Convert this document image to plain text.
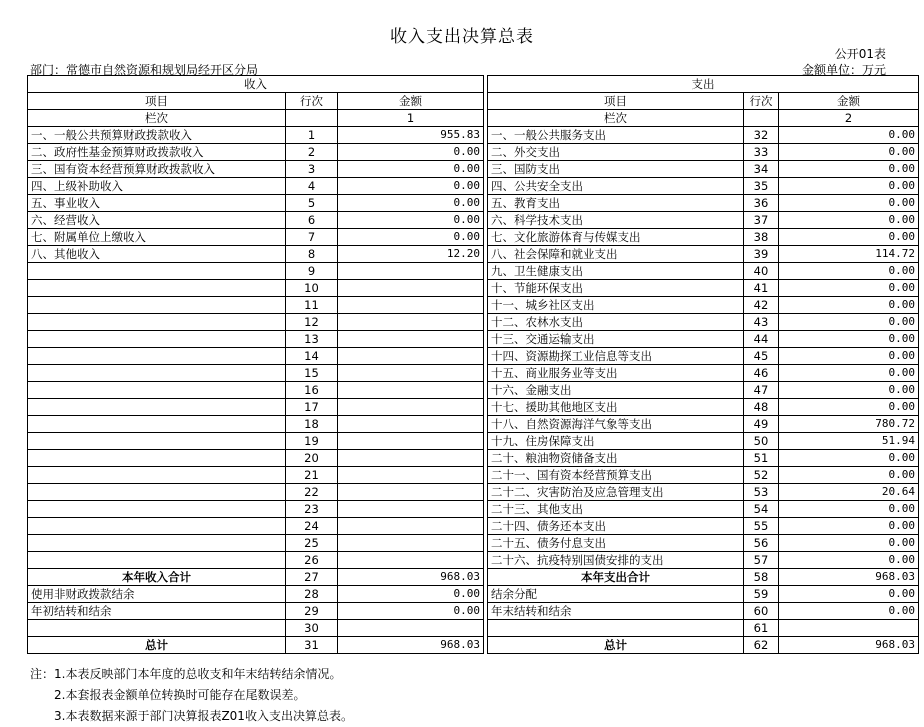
收入支出决算总表
公开01表
部门：常德市自然资源和规划局经开区分局	金额单位：万元
收入				支出		
项目	行次	金额		项目	行次	金额
栏次		1		栏次		2
一、一般公共预算财政拨款收入	1	955.83		一、一般公共服务支出	32	0.00
二、政府性基金预算财政拨款收入	2	0.00		二、外交支出	33	0.00
三、国有资本经营预算财政拨款收入	3	0.00		三、国防支出	34	0.00
四、上级补助收入	4	0.00		四、公共安全支出	35	0.00
五、事业收入	5	0.00		五、教育支出	36	0.00
六、经营收入	6	0.00		六、科学技术支出	37	0.00
七、附属单位上缴收入	7	0.00		七、文化旅游体育与传媒支出	38	0.00
八、其他收入	8	12.20		八、社会保障和就业支出	39	114.72
	9			九、卫生健康支出	40	0.00
	10			十、节能环保支出	41	0.00
	11			十一、城乡社区支出	42	0.00
	12			十二、农林水支出	43	0.00
	13			十三、交通运输支出	44	0.00
	14			十四、资源勘探工业信息等支出	45	0.00
	15			十五、商业服务业等支出	46	0.00
	16			十六、金融支出	47	0.00
	17			十七、援助其他地区支出	48	0.00
	18			十八、自然资源海洋气象等支出	49	780.72
	19			十九、住房保障支出	50	51.94
	20			二十、粮油物资储备支出	51	0.00
	21			二十一、国有资本经营预算支出	52	0.00
	22			二十二、灾害防治及应急管理支出	53	20.64
	23			二十三、其他支出	54	0.00
	24			二十四、债务还本支出	55	0.00
	25			二十五、债务付息支出	56	0.00
	26			二十六、抗疫特别国债安排的支出	57	0.00
本年收入合计	27	968.03		本年支出合计	58	968.03
使用非财政拨款结余	28	0.00		结余分配	59	0.00
年初结转和结余	29	0.00		年末结转和结余	60	0.00
	30				61	
总计	31	968.03		总计	62	968.03
注：1.本表反映部门本年度的总收支和年末结转结余情况。
2.本套报表金额单位转换时可能存在尾数误差。
3.本表数据来源于部门决算报表Z01收入支出决算总表。
